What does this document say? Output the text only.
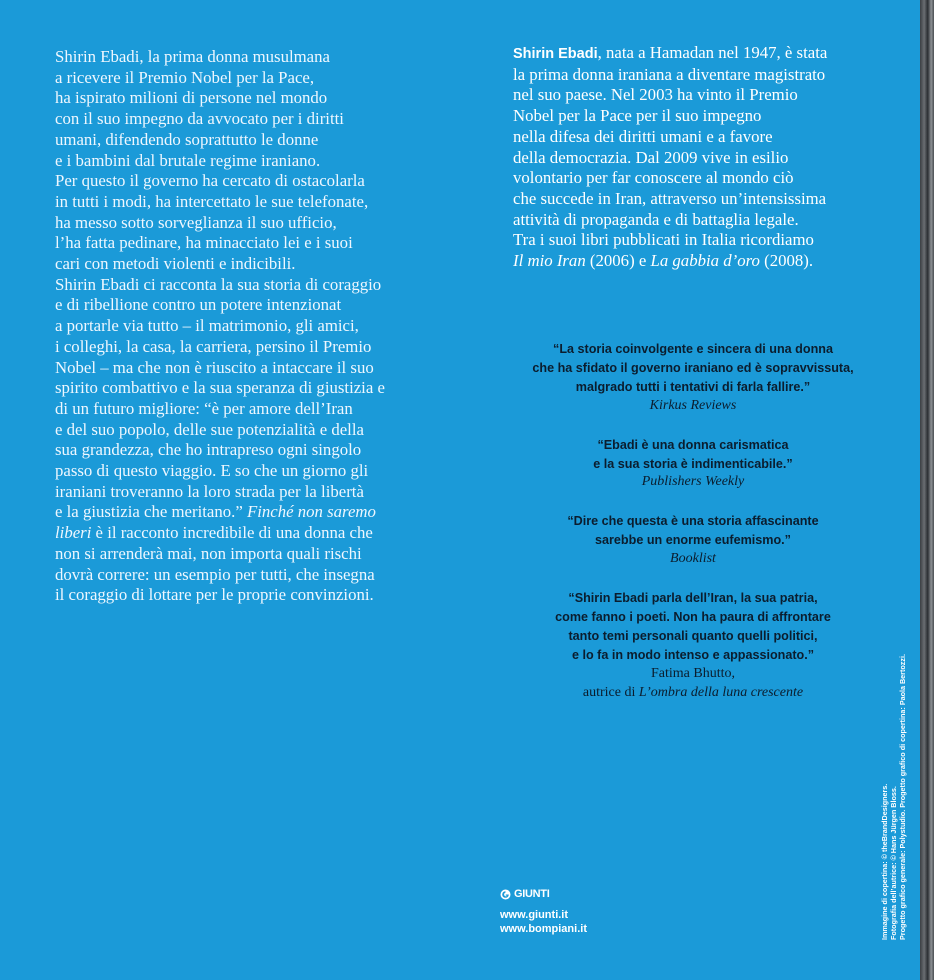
Shirin Ebadi, la prima donna musulmana
a ricevere il Premio Nobel per la Pace,
ha ispirato milioni di persone nel mondo
con il suo impegno da avvocato per i diritti
umani, difendendo soprattutto le donne
e i bambini dal brutale regime iraniano.
Per questo il governo ha cercato di ostacolarla
in tutti i modi, ha intercettato le sue telefonate,
ha messo sotto sorveglianza il suo ufficio,
l’ha fatta pedinare, ha minacciato lei e i suoi
cari con metodi violenti e indicibili.
Shirin Ebadi ci racconta la sua storia di coraggio
e di ribellione contro un potere intenzionat
a portarle via tutto – il matrimonio, gli amici,
i colleghi, la casa, la carriera, persino il Premio
Nobel – ma che non è riuscito a intaccare il suo
spirito combattivo e la sua speranza di giustizia e
di un futuro migliore: “è per amore dell’Iran
e del suo popolo, delle sue potenzialità e della
sua grandezza, che ho intrapreso ogni singolo
passo di questo viaggio. E so che un giorno gli
iraniani troveranno la loro strada per la libertà
e la giustizia che meritano.” Finché non saremo
liberi è il racconto incredibile di una donna che
non si arrenderà mai, non importa quali rischi
dovrà correre: un esempio per tutti, che insegna
il coraggio di lottare per le proprie convinzioni.
Shirin Ebadi, nata a Hamadan nel 1947, è stata
la prima donna iraniana a diventare magistrato
nel suo paese. Nel 2003 ha vinto il Premio
Nobel per la Pace per il suo impegno
nella difesa dei diritti umani e a favore
della democrazia. Dal 2009 vive in esilio
volontario per far conoscere al mondo ciò
che succede in Iran, attraverso un’intensissima
attività di propaganda e di battaglia legale.
Tra i suoi libri pubblicati in Italia ricordiamo
Il mio Iran (2006) e La gabbia d’oro (2008).
“La storia coinvolgente e sincera di una donna
che ha sfidato il governo iraniano ed è sopravvissuta,
malgrado tutti i tentativi di farla fallire.”
Kirkus Reviews
“Ebadi è una donna carismatica
e la sua storia è indimenticabile.”
Publishers Weekly
“Dire che questa è una storia affascinante
sarebbe un enorme eufemismo.”
Booklist
“Shirin Ebadi parla dell’Iran, la sua patria,
come fanno i poeti. Non ha paura di affrontare
tanto temi personali quanto quelli politici,
e lo fa in modo intenso e appassionato.”
Fatima Bhutto,
autrice di L’ombra della luna crescente
GIUNTI
www.giunti.it
www.bompiani.it	Immagine di copertina: © theBrandDesigners. Fotografia dell’autrice: © Hans Jürgen Bloss. Progetto grafico generale: Polystudio. Progetto grafico di copertina: Paola Bertozzi.
